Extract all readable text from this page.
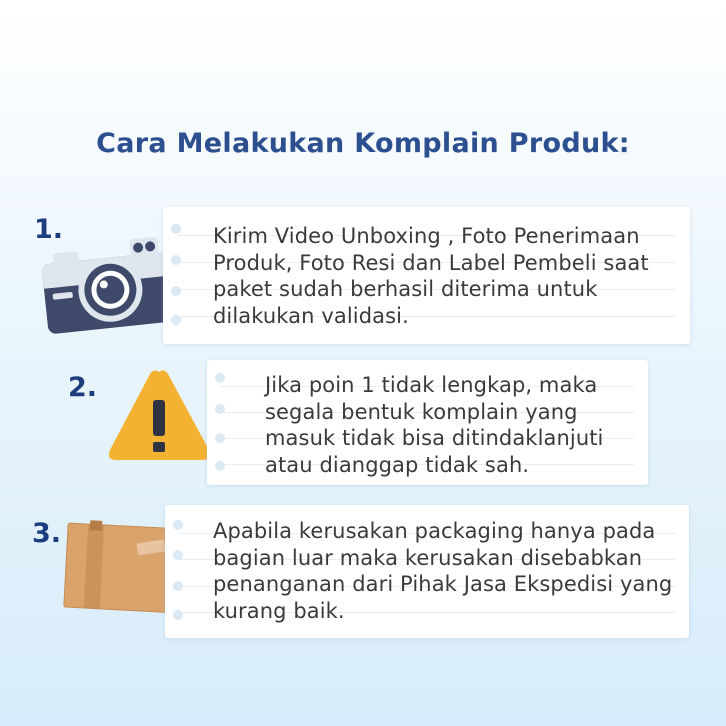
Cara Melakukan Komplain Produk:
1.	Kirim Video Unboxing , Foto Penerimaan Produk, Foto Resi dan Label Pembeli saat paket sudah berhasil diterima untuk dilakukan validasi.
2.	Jika poin 1 tidak lengkap, maka segala bentuk komplain yang masuk tidak bisa ditindaklanjuti atau dianggap tidak sah.
3.	Apabila kerusakan packaging hanya pada bagian luar maka kerusakan disebabkan penanganan dari Pihak Jasa Ekspedisi yang kurang baik.
